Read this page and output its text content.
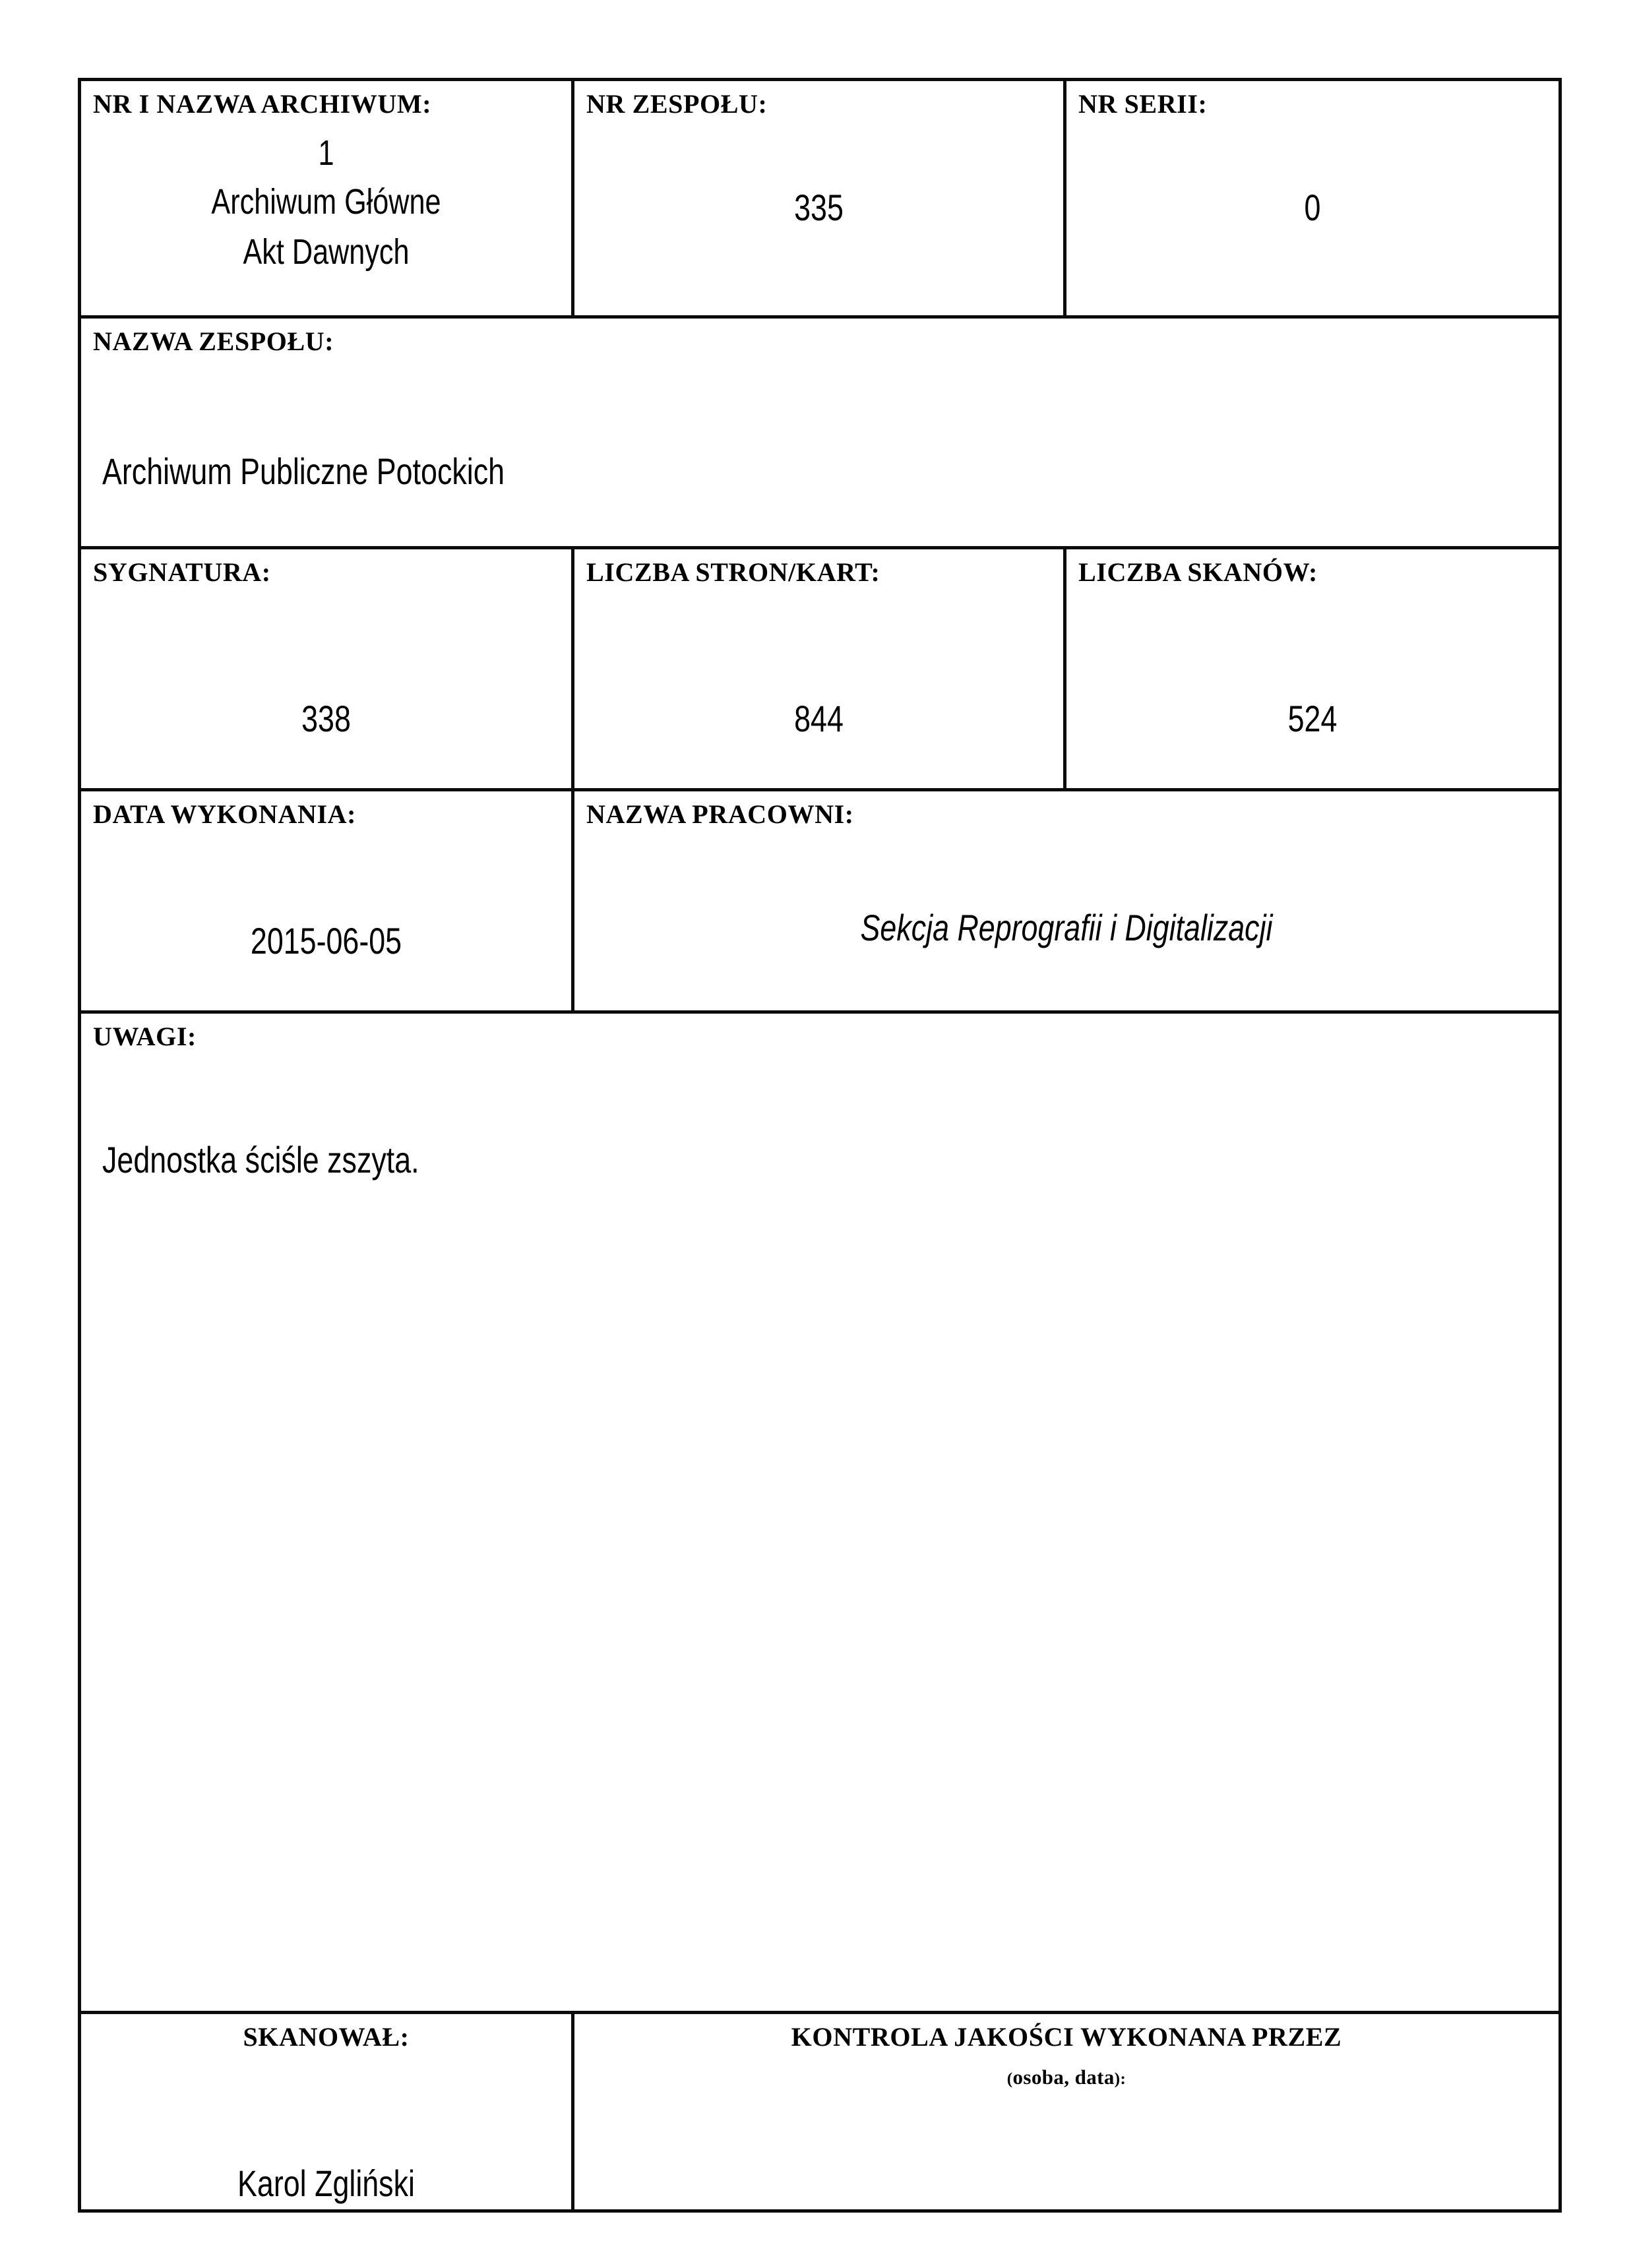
NR I NAZWA ARCHIWUM:
1
Archiwum Główne
Akt Dawnych	NR ZESPOŁU:
335	NR SERII:
0

NAZWA ZESPOŁU:
Archiwum Publiczne Potockich		

SYGNATURA:
338	LICZBA STRON/KART:
844	LICZBA SKANÓW:
524

DATA WYKONANIA:
2015-06-05	NAZWA PRACOWNI:
Sekcja Reprografii i Digitalizacji	

UWAGI:
Jednostka ściśle zszyta.		

SKANOWAŁ:
Karol Zgliński	KONTROLA JAKOŚCI WYKONANA PRZEZ
(osoba, data):	
